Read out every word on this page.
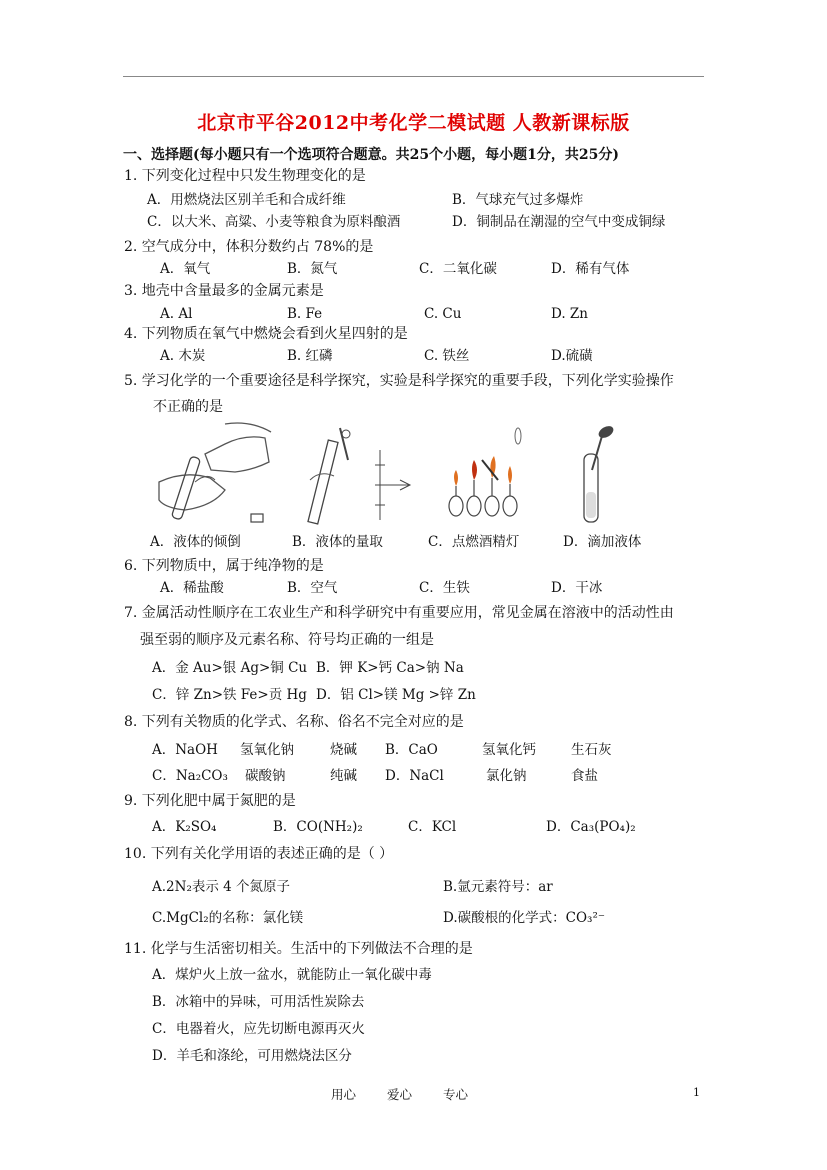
北京市平谷2012中考化学二模试题 人教新课标版
一、选择题(每小题只有一个选项符合题意。共25个小题，每小题1分，共25分)
1. 下列变化过程中只发生物理变化的是
A．用燃烧法区别羊毛和合成纤维	B．气球充气过多爆炸
C．以大米、高粱、小麦等粮食为原料酿酒	D．铜制品在潮湿的空气中变成铜绿
2. 空气成分中，体积分数约占 78%的是
A．氧气	B．氮气	C．二氧化碳	D．稀有气体
3. 地壳中含量最多的金属元素是
A. Al	B. Fe	C. Cu	D. Zn
4. 下列物质在氧气中燃烧会看到火星四射的是
A. 木炭	B. 红磷	C. 铁丝	D.硫磺
5. 学习化学的一个重要途径是科学探究，实验是科学探究的重要手段，下列化学实验操作
不正确的是
A．液体的倾倒	B．液体的量取	C．点燃酒精灯	D．滴加液体
6. 下列物质中，属于纯净物的是
A．稀盐酸	B．空气	C．生铁	D．干冰
7. 金属活动性顺序在工农业生产和科学研究中有重要应用，常见金属在溶液中的活动性由
强至弱的顺序及元素名称、符号均正确的一组是
A．金 Au>银 Ag>铜 Cu B．钾 K>钙 Ca>钠 Na
C．锌 Zn>铁 Fe>贡 Hg D．铝 Cl>镁 Mg >锌 Zn
8. 下列有关物质的化学式、名称、俗名不完全对应的是
A．NaOH 氢氧化钠	烧碱 B．CaO	氢氧化钙	生石灰
C．Na₂CO₃ 碳酸钠	纯碱 D．NaCl	氯化钠	食盐
9. 下列化肥中属于氮肥的是
A．K₂SO₄	B．CO(NH₂)₂	C．KCl	D．Ca₃(PO₄)₂
10. 下列有关化学用语的表述正确的是（ ）
A.2N₂表示 4 个氮原子	B.氩元素符号：ar
C.MgCl₂的名称：氯化镁	D.碳酸根的化学式：CO₃²⁻
11. 化学与生活密切相关。生活中的下列做法不合理的是
A．煤炉火上放一盆水，就能防止一氧化碳中毒
B．冰箱中的异味，可用活性炭除去
C．电器着火，应先切断电源再灭火
D．羊毛和涤纶，可用燃烧法区分
用心 爱心 专心	1
